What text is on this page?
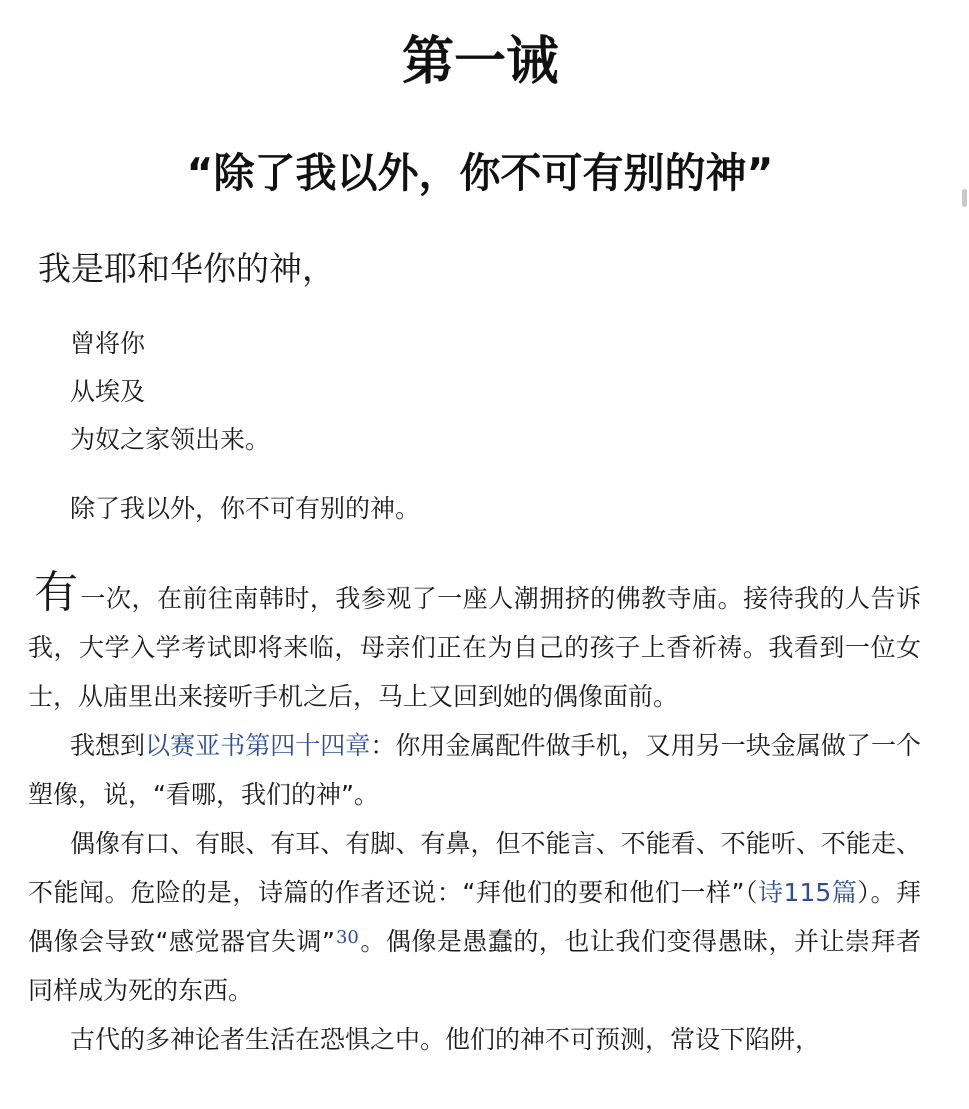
第一诫
“除了我以外，你不可有别的神”

我是耶和华你的神，

曾将你
从埃及
为奴之家领出来。

除了我以外，你不可有别的神。

有一次，在前往南韩时，我参观了一座人潮拥挤的佛教寺庙。接待我的人告诉我，大学入学考试即将来临，母亲们正在为自己的孩子上香祈祷。我看到一位女士，从庙里出来接听手机之后，马上又回到她的偶像面前。

我想到以赛亚书第四十四章：你用金属配件做手机，又用另一块金属做了一个塑像，说，“看哪，我们的神”。

偶像有口、有眼、有耳、有脚、有鼻，但不能言、不能看、不能听、不能走、不能闻。危险的是，诗篇的作者还说：“拜他们的要和他们一样”（诗115篇）。拜偶像会导致“感觉器官失调”$^{30}$。偶像是愚蠢的，也让我们变得愚昧，并让崇拜者同样成为死的东西。

古代的多神论者生活在恐惧之中。他们的神不可预测，常设下陷阱，
